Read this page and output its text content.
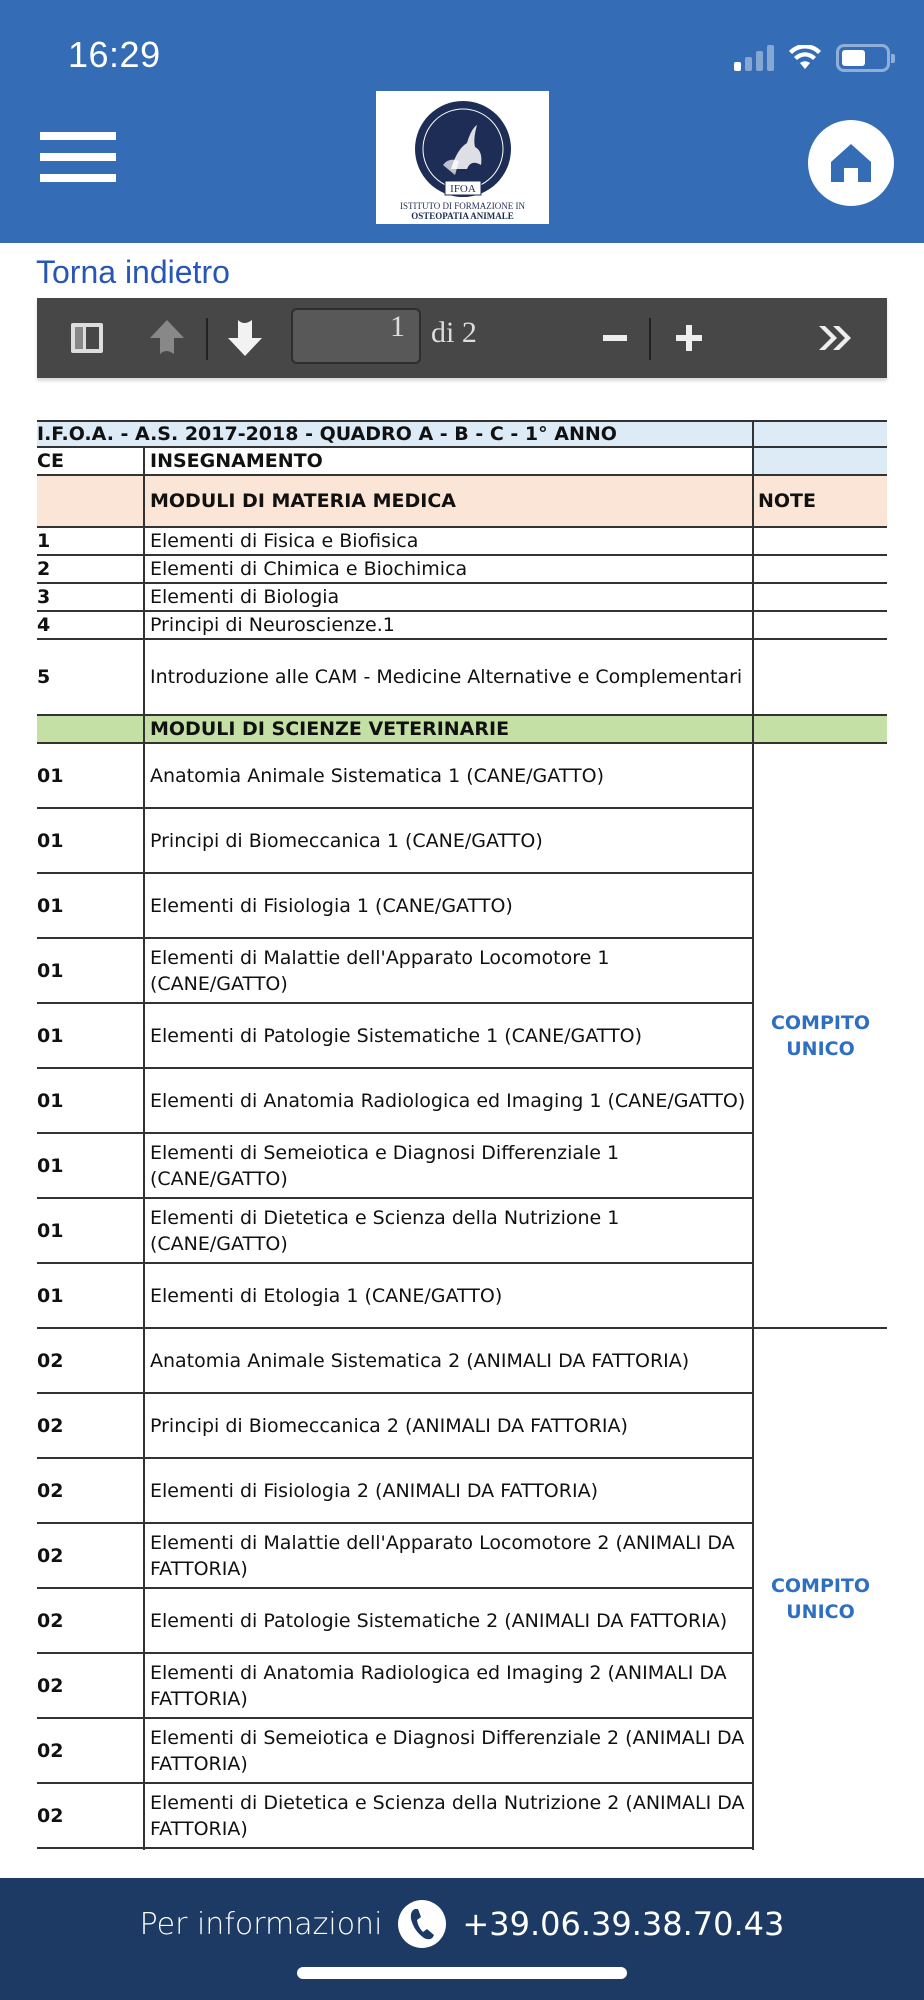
16:29
IFOA
ISTITUTO DI FORMAZIONE IN
OSTEOPATIA ANIMALE
Torna indietro
1 di 2
I.F.O.A. - A.S. 2017-2018 - QUADRO A - B - C - 1° ANNO		
CE	INSEGNAMENTO	
	MODULI DI MATERIA MEDICA	NOTE
1	Elementi di Fisica e Biofisica	
2	Elementi di Chimica e Biochimica	
3	Elementi di Biologia	
4	Principi di Neuroscienze.1	
5	Introduzione alle CAM - Medicine Alternative e Complementari	
	MODULI DI SCIENZE VETERINARIE	
01	Anatomia Animale Sistematica 1 (CANE/GATTO)	COMPITO
UNICO
01	Principi di Biomeccanica 1 (CANE/GATTO)	
01	Elementi di Fisiologia 1 (CANE/GATTO)	
01	Elementi di Malattie dell'Apparato Locomotore 1 (CANE/GATTO)	
01	Elementi di Patologie Sistematiche 1 (CANE/GATTO)	
01	Elementi di Anatomia Radiologica ed Imaging 1 (CANE/GATTO)	
01	Elementi di Semeiotica e Diagnosi Differenziale 1 (CANE/GATTO)	
01	Elementi di Dietetica e Scienza della Nutrizione 1 (CANE/GATTO)	
01	Elementi di Etologia 1 (CANE/GATTO)	
02	Anatomia Animale Sistematica 2 (ANIMALI DA FATTORIA)	COMPITO
UNICO
02	Principi di Biomeccanica 2 (ANIMALI DA FATTORIA)	
02	Elementi di Fisiologia 2 (ANIMALI DA FATTORIA)	
02	Elementi di Malattie dell'Apparato Locomotore 2 (ANIMALI DA FATTORIA)	
02	Elementi di Patologie Sistematiche 2 (ANIMALI DA FATTORIA)	
02	Elementi di Anatomia Radiologica ed Imaging 2 (ANIMALI DA FATTORIA)	
02	Elementi di Semeiotica e Diagnosi Differenziale 2 (ANIMALI DA FATTORIA)	
02	Elementi di Dietetica e Scienza della Nutrizione 2 (ANIMALI DA FATTORIA)	

Per informazioni	+39.06.39.38.70.43
